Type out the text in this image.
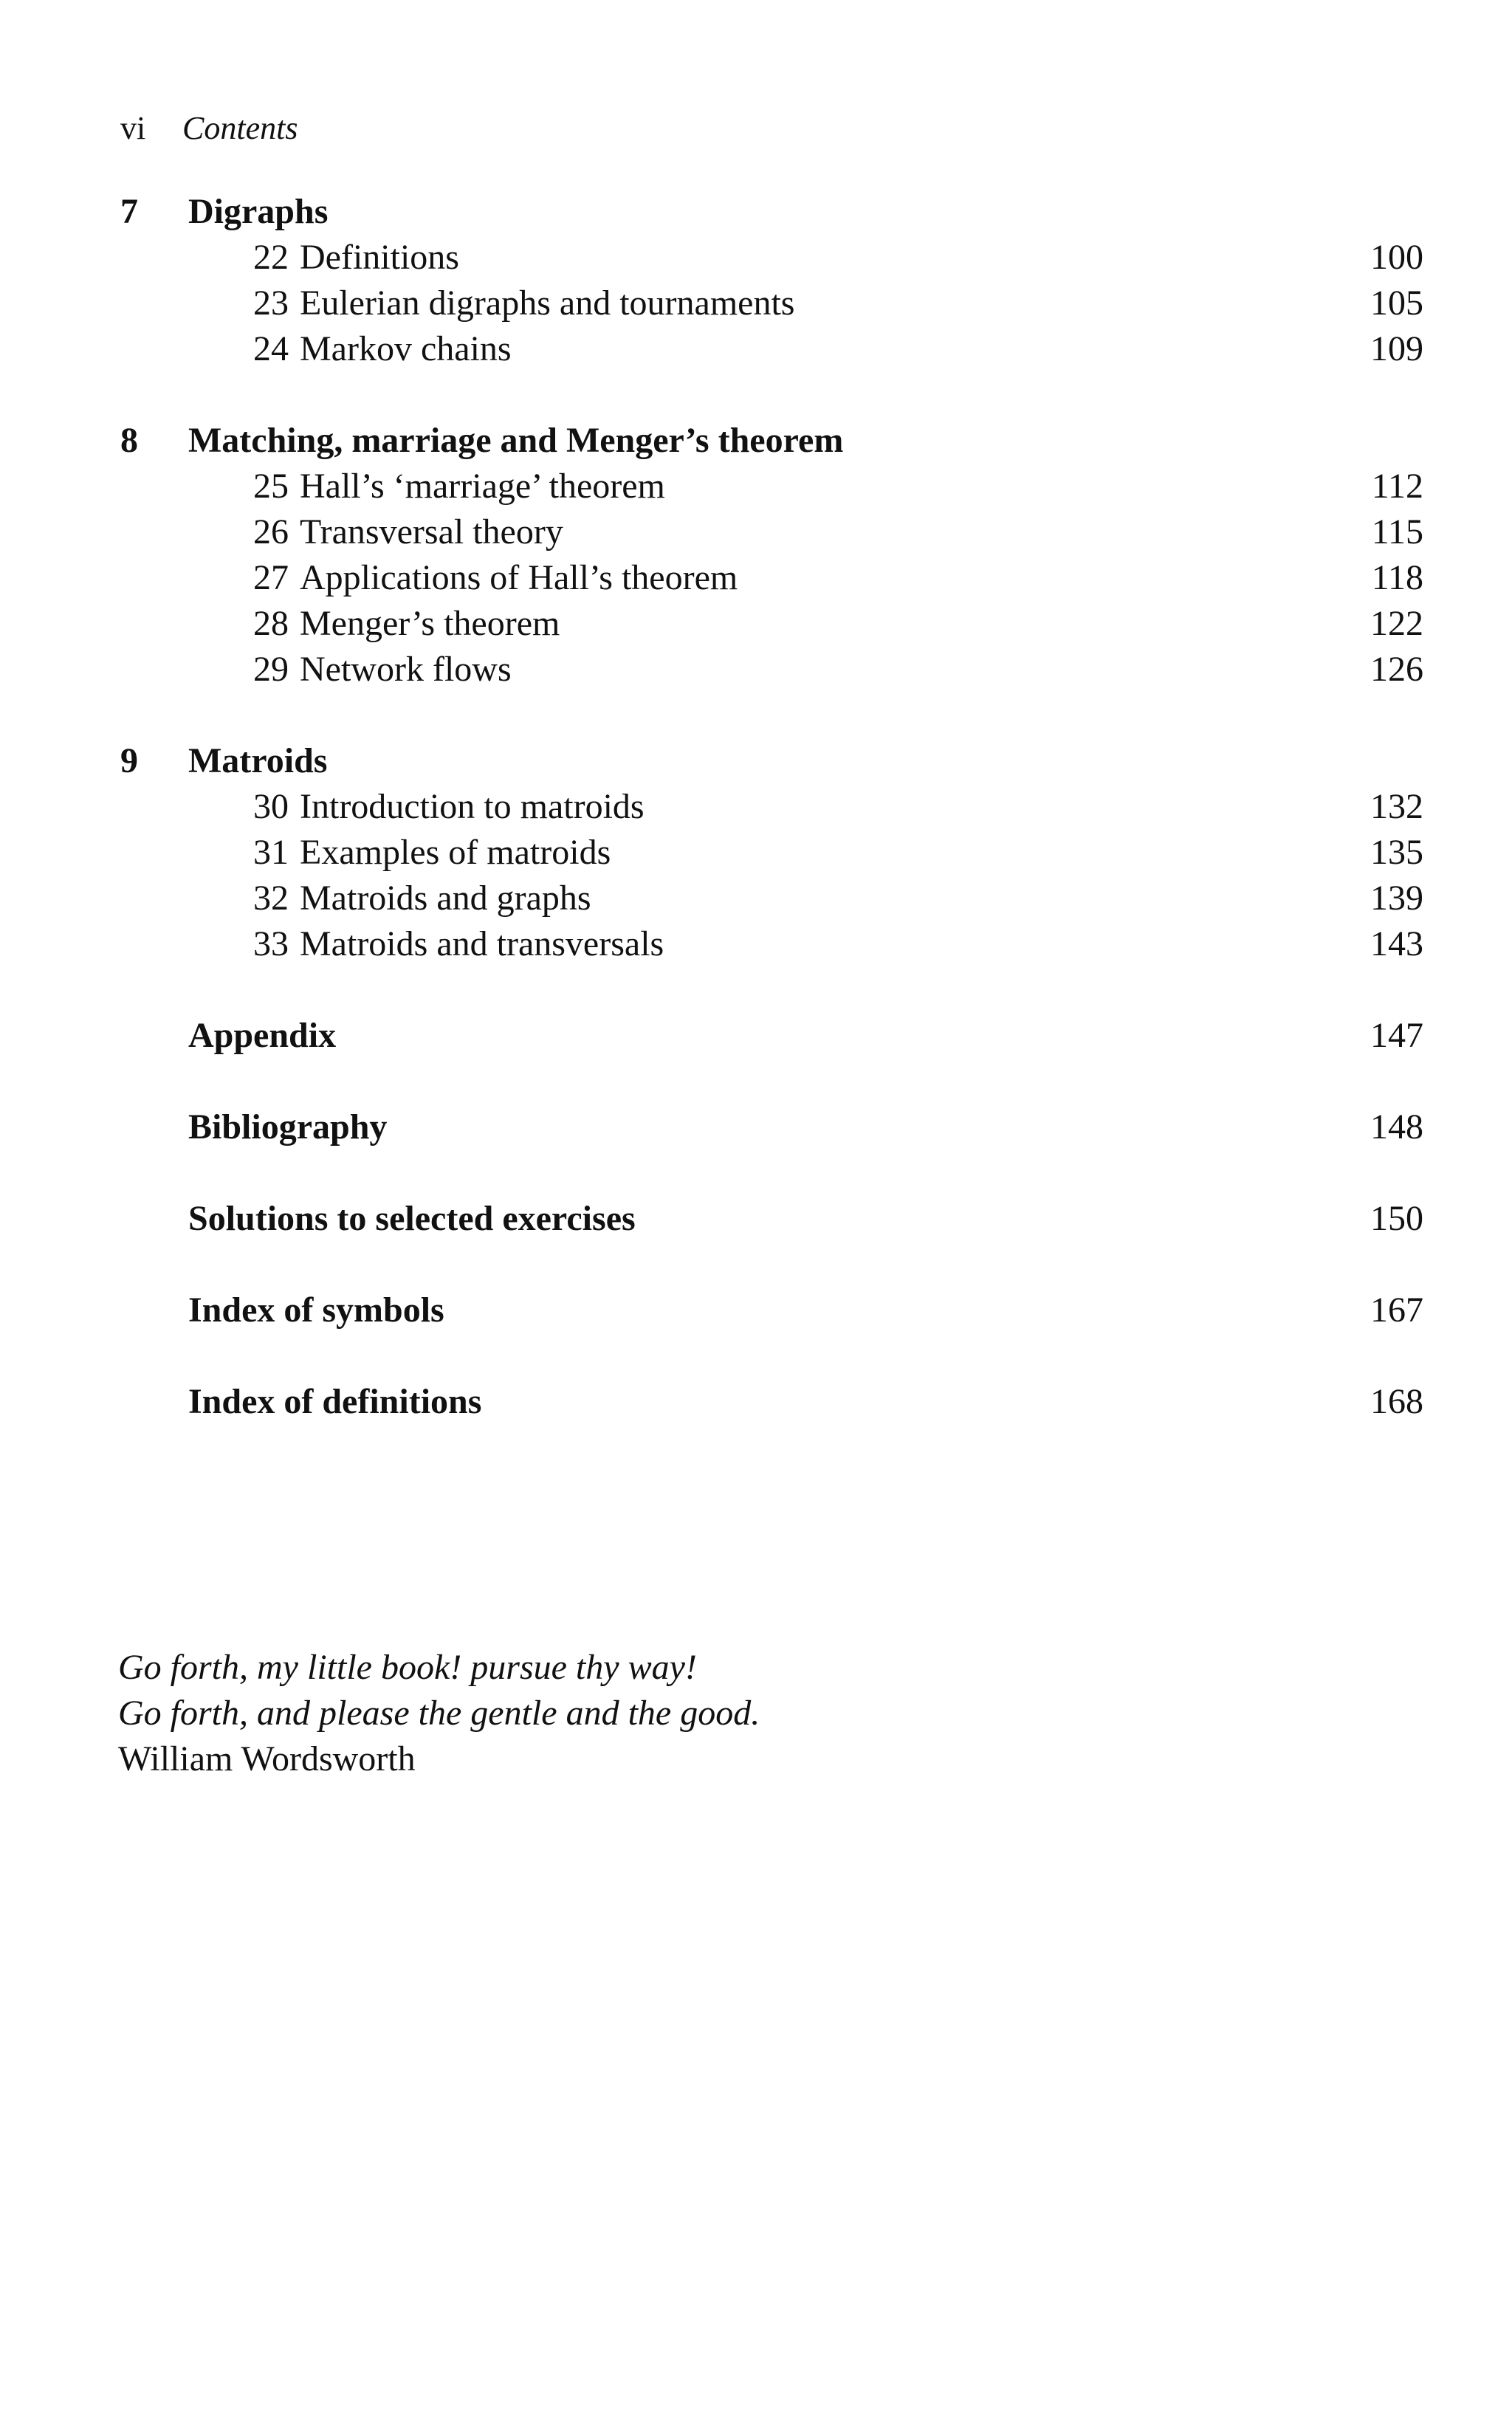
vi Contents
7 Digraphs
22 Definitions	100
23 Eulerian digraphs and tournaments	105
24 Markov chains	109
8 Matching, marriage and Menger’s theorem
25 Hall’s ‘marriage’ theorem	112
26 Transversal theory	115
27 Applications of Hall’s theorem	118
28 Menger’s theorem	122
29 Network flows	126
9 Matroids
30 Introduction to matroids	132
31 Examples of matroids	135
32 Matroids and graphs	139
33 Matroids and transversals	143
Appendix	147
Bibliography	148
Solutions to selected exercises	150
Index of symbols	167
Index of definitions	168
Go forth, my little book! pursue thy way!
Go forth, and please the gentle and the good.
William Wordsworth
